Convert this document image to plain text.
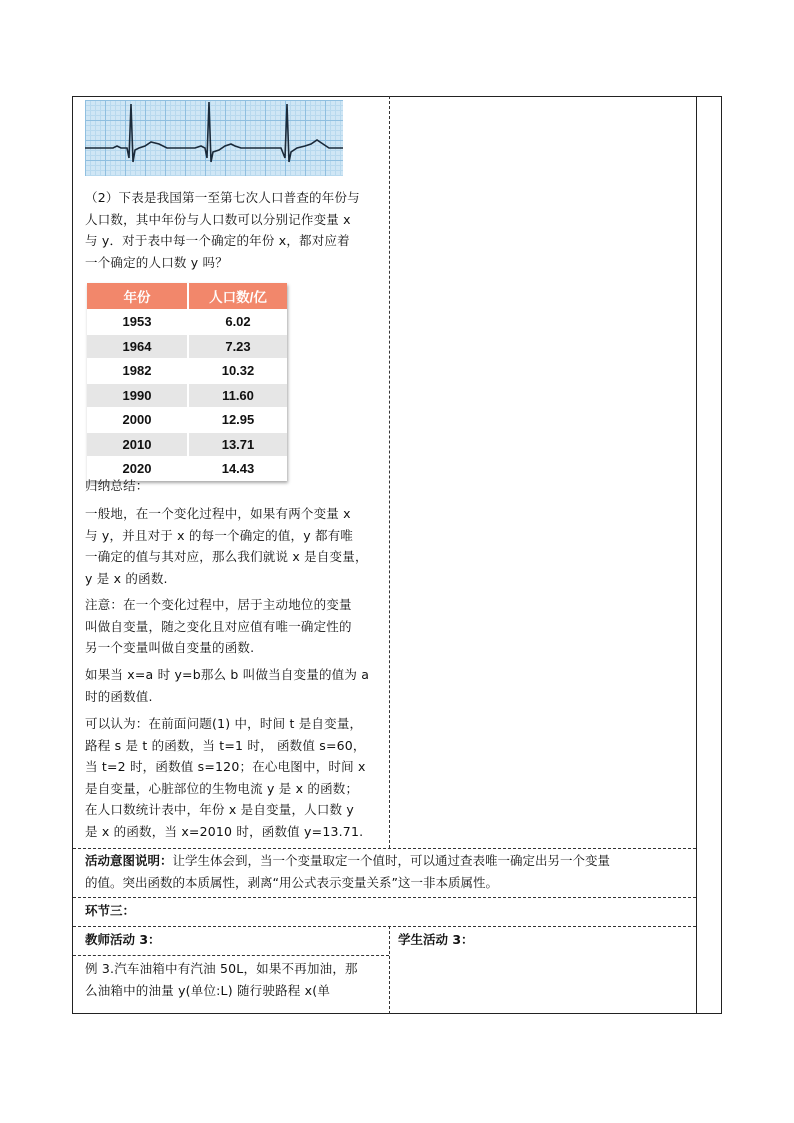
（2）下表是我国第一至第七次人口普查的年份与
人口数，其中年份与人口数可以分别记作变量 x
与 y．对于表中每一个确定的年份 x，都对应着
一个确定的人口数 y 吗？
年份	人口数/亿
1953	6.02
1964	7.23
1982	10.32
1990	11.60
2000	12.95
2010	13.71
2020	14.43
归纳总结：
一般地，在一个变化过程中，如果有两个变量 x
与 y，并且对于 x 的每一个确定的值，y 都有唯
一确定的值与其对应，那么我们就说 x 是自变量，
y 是 x 的函数.
注意：在一个变化过程中，居于主动地位的变量
叫做自变量，随之变化且对应值有唯一确定性的
另一个变量叫做自变量的函数.
如果当 x=a 时 y=b那么 b 叫做当自变量的值为 a
时的函数值.
可以认为：在前面问题(1) 中，时间 t 是自变量，
路程 s 是 t 的函数，当 t=1 时， 函数值 s=60，
当 t=2 时，函数值 s=120；在心电图中，时间 x
是自变量，心脏部位的生物电流 y 是 x 的函数；
在人口数统计表中，年份 x 是自变量，人口数 y
是 x 的函数，当 x=2010 时，函数值 y=13.71.
活动意图说明：让学生体会到，当一个变量取定一个值时，可以通过查表唯一确定出另一个变量
的值。突出函数的本质属性，剥离“用公式表示变量关系”这一非本质属性。
环节三：
教师活动 3：	学生活动 3：
例 3.汽车油箱中有汽油 50L，如果不再加油，那
么油箱中的油量 y(单位:L) 随行驶路程 x(单
